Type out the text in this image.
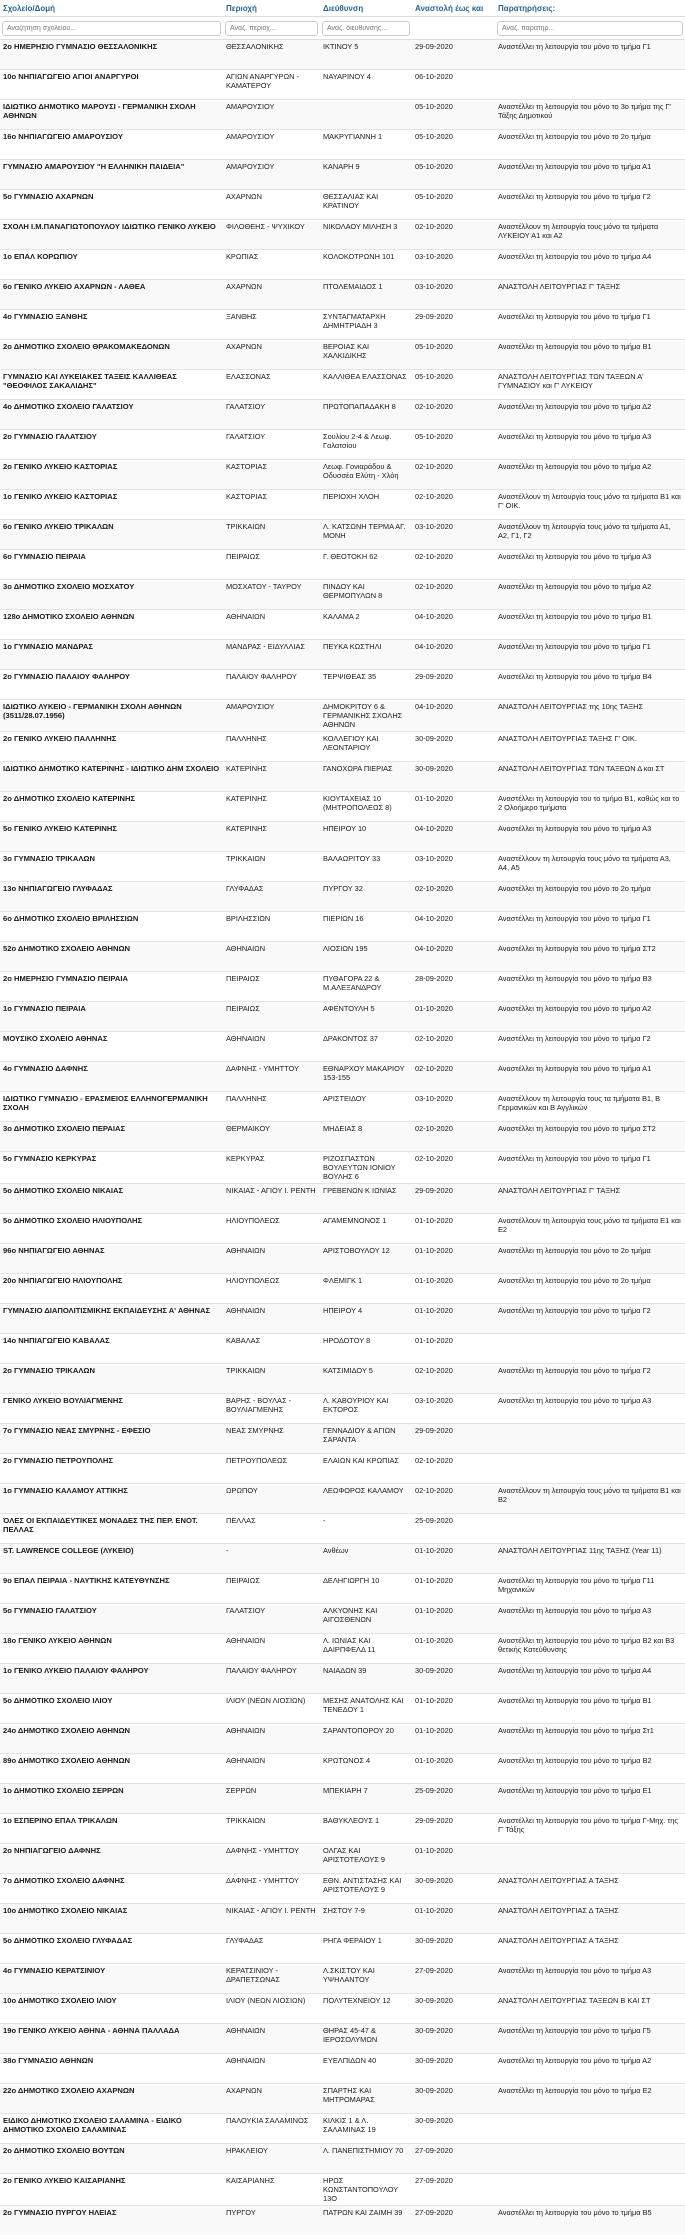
Σχολείο/Δομή	Περιοχή	Διεύθυνση	Αναστολή έως και	Παρατηρήσεις:
Αναζήτηση σχολείου...	Αναζ. περιοχ...	Αναζ. διεύθυνσης...		Αναζ. παρατηρ...
2ο ΗΜΕΡΗΣΙΟ ΓΥΜΝΑΣΙΟ ΘΕΣΣΑΛΟΝΙΚΗΣ	ΘΕΣΣΑΛΟΝΙΚΗΣ	ΙΚΤΙΝΟΥ 5	29-09-2020	Αναστέλλει τη λειτουργία του μόνο το τμήμα Γ1
10ο ΝΗΠΙΑΓΩΓΕΙΟ ΑΓΙΟΙ ΑΝΑΡΓΥΡΟΙ	ΑΓΙΩΝ ΑΝΑΡΓΥΡΩΝ - ΚΑΜΑΤΕΡΟΥ	ΝΑΥΑΡΙΝΟΥ 4	06-10-2020	
ΙΔΙΩΤΙΚΟ ΔΗΜΟΤΙΚΟ ΜΑΡΟΥΣΙ - ΓΕΡΜΑΝΙΚΗ ΣΧΟΛΗ ΑΘΗΝΩΝ	ΑΜΑΡΟΥΣΙΟΥ		05-10-2020	Αναστέλλει τη λειτουργία του μόνο το 3ο τμήμα της Γ' Τάξης Δημοτικού
16ο ΝΗΠΙΑΓΩΓΕΙΟ ΑΜΑΡΟΥΣΙΟΥ	ΑΜΑΡΟΥΣΙΟΥ	ΜΑΚΡΥΓΙΑΝΝΗ 1	05-10-2020	Αναστέλλει τη λειτουργία του μόνο το 2ο τμήμα
ΓΥΜΝΑΣΙΟ ΑΜΑΡΟΥΣΙΟΥ "Η ΕΛΛΗΝΙΚΗ ΠΑΙΔΕΙΑ"	ΑΜΑΡΟΥΣΙΟΥ	ΚΑΝΑΡΗ 9	05-10-2020	Αναστέλλει τη λειτουργία του μόνο το τμήμα Α1
5ο ΓΥΜΝΑΣΙΟ ΑΧΑΡΝΩΝ	ΑΧΑΡΝΩΝ	ΘΕΣΣΑΛΙΑΣ ΚΑΙ ΚΡΑΤΙΝΟΥ	05-10-2020	Αναστέλλει τη λειτουργία του μόνο το τμήμα Γ2
ΣΧΟΛΗ Ι.Μ.ΠΑΝΑΓΙΩΤΟΠΟΥΛΟΥ ΙΔΙΩΤΙΚΟ ΓΕΝΙΚΟ ΛΥΚΕΙΟ	ΦΙΛΟΘΕΗΣ - ΨΥΧΙΚΟΥ	ΝΙΚΟΛΑΟΥ ΜΙΛΗΣΗ 3	02-10-2020	Αναστέλλουν τη λειτουργία τους μόνο τα τμήματα ΛΥΚΕΙΟΥ Α1 και Α2
1ο ΕΠΑΛ ΚΟΡΩΠΙΟΥ	ΚΡΩΠΙΑΣ	ΚΟΛΟΚΟΤΡΩΝΗ 101	03-10-2020	Αναστέλλει τη λειτουργία του μόνο το τμήμα Α4
6ο ΓΕΝΙΚΟ ΛΥΚΕΙΟ ΑΧΑΡΝΩΝ - ΛΑΘΕΑ	ΑΧΑΡΝΩΝ	ΠΤΟΛΕΜΑΙΔΟΣ 1	03-10-2020	ΑΝΑΣΤΟΛΗ ΛΕΙΤΟΥΡΓΙΑΣ Γ' ΤΑΞΗΣ
4ο ΓΥΜΝΑΣΙΟ ΞΑΝΘΗΣ	ΞΑΝΘΗΣ	ΣΥΝΤΑΓΜΑΤΑΡΧΗ ΔΗΜΗΤΡΙΑΔΗ 3	29-09-2020	Αναστέλλει τη λειτουργία του μόνο το τμήμα Γ1
2ο ΔΗΜΟΤΙΚΟ ΣΧΟΛΕΙΟ ΘΡΑΚΟΜΑΚΕΔΟΝΩΝ	ΑΧΑΡΝΩΝ	ΒΕΡΟΙΑΣ ΚΑΙ ΧΑΛΚΙΔΙΚΗΣ	05-10-2020	Αναστέλλει τη λειτουργία του μόνο το τμήμα Β1
ΓΥΜΝΑΣΙΟ ΚΑΙ ΛΥΚΕΙΑΚΕΣ ΤΑΞΕΙΣ ΚΑΛΛΙΘΕΑΣ "ΘΕΟΦΙΛΟΣ ΣΑΚΑΛΙΔΗΣ"	ΕΛΑΣΣΟΝΑΣ	ΚΑΛΛΙΘΕΑ ΕΛΑΣΣΟΝΑΣ	05-10-2020	ΑΝΑΣΤΟΛΗ ΛΕΙΤΟΥΡΓΙΑΣ ΤΩΝ ΤΑΞΕΩΝ Α' ΓΥΜΝΑΣΙΟΥ και Γ' ΛΥΚΕΙΟΥ
4ο ΔΗΜΟΤΙΚΟ ΣΧΟΛΕΙΟ ΓΑΛΑΤΣΙΟΥ	ΓΑΛΑΤΣΙΟΥ	ΠΡΩΤΟΠΑΠΑΔΑΚΗ 8	02-10-2020	Αναστέλλει τη λειτουργία του μόνο το τμήμα Δ2
2ο ΓΥΜΝΑΣΙΟ ΓΑΛΑΤΣΙΟΥ	ΓΑΛΑΤΣΙΟΥ	Σουλίου 2-4 & Λεωφ. Γαλατσίου	05-10-2020	Αναστέλλει τη λειτουργία του μόνο το τμήμα Α3
2ο ΓΕΝΙΚΟ ΛΥΚΕΙΟ ΚΑΣΤΟΡΙΑΣ	ΚΑΣΤΟΡΙΑΣ	Λεωφ. Γονιαράδου & Οδυσσέα Ελύτη - Χλόη	02-10-2020	Αναστέλλει τη λειτουργία του μόνο το τμήμα Α2
1ο ΓΕΝΙΚΟ ΛΥΚΕΙΟ ΚΑΣΤΟΡΙΑΣ	ΚΑΣΤΟΡΙΑΣ	ΠΕΡΙΟΧΗ ΧΛΟΗ	02-10-2020	Αναστέλλουν τη λειτουργία τους μόνο τα τμήματα Β1 και Γ' ΟΙΚ.
6ο ΓΕΝΙΚΟ ΛΥΚΕΙΟ ΤΡΙΚΑΛΩΝ	ΤΡΙΚΚΑΙΩΝ	Λ. ΚΑΤΣΩΝΗ ΤΕΡΜΑ ΑΓ. ΜΟΝΗ	03-10-2020	Αναστέλλουν τη λειτουργία τους μόνο τα τμήματα Α1, Α2, Γ1, Γ2
6ο ΓΥΜΝΑΣΙΟ ΠΕΙΡΑΙΑ	ΠΕΙΡΑΙΩΣ	Γ. ΘΕΟΤΟΚΗ 62	02-10-2020	Αναστέλλει τη λειτουργία του μόνο το τμήμα Α3
3ο ΔΗΜΟΤΙΚΟ ΣΧΟΛΕΙΟ ΜΟΣΧΑΤΟΥ	ΜΟΣΧΑΤΟΥ - ΤΑΥΡΟΥ	ΠΙΝΔΟΥ ΚΑΙ ΘΕΡΜΟΠΥΛΩΝ 8	02-10-2020	Αναστέλλει τη λειτουργία του μόνο το τμήμα Α2
128ο ΔΗΜΟΤΙΚΟ ΣΧΟΛΕΙΟ ΑΘΗΝΩΝ	ΑΘΗΝΑΙΩΝ	ΚΑΛΑΜΑ 2	04-10-2020	Αναστέλλει τη λειτουργία του μόνο το τμήμα Β1
1ο ΓΥΜΝΑΣΙΟ ΜΑΝΔΡΑΣ	ΜΑΝΔΡΑΣ - ΕΙΔΥΛΛΙΑΣ	ΠΕΥΚΑ ΚΩΣΤΗΛΙ	04-10-2020	Αναστέλλει τη λειτουργία του μόνο το τμήμα Γ1
2ο ΓΥΜΝΑΣΙΟ ΠΑΛΑΙΟΥ ΦΑΛΗΡΟΥ	ΠΑΛΑΙΟΥ ΦΑΛΗΡΟΥ	ΤΕΡΨΙΘΕΑΣ 35	29-09-2020	Αναστέλλει τη λειτουργία του μόνο το τμήμα Β4
ΙΔΙΩΤΙΚΟ ΛΥΚΕΙΟ - ΓΕΡΜΑΝΙΚΗ ΣΧΟΛΗ ΑΘΗΝΩΝ (3511/28.07.1956)	ΑΜΑΡΟΥΣΙΟΥ	ΔΗΜΟΚΡΙΤΟΥ 6 & ΓΕΡΜΑΝΙΚΗΣ ΣΧΟΛΗΣ ΑΘΗΝΩΝ	04-10-2020	ΑΝΑΣΤΟΛΗ ΛΕΙΤΟΥΡΓΙΑΣ της 10ης ΤΑΞΗΣ
2ο ΓΕΝΙΚΟ ΛΥΚΕΙΟ ΠΑΛΛΗΝΗΣ	ΠΑΛΛΗΝΗΣ	ΚΟΛΛΕΓΙΟΥ ΚΑΙ ΛΕΟΝΤΑΡΙΟΥ	30-09-2020	ΑΝΑΣΤΟΛΗ ΛΕΙΤΟΥΡΓΙΑΣ ΤΑΞΗΣ Γ' ΟΙΚ.
ΙΔΙΩΤΙΚΟ ΔΗΜΟΤΙΚΟ ΚΑΤΕΡΙΝΗΣ - ΙΔΙΩΤΙΚΟ ΔΗΜ ΣΧΟΛΕΙΟ	ΚΑΤΕΡΙΝΗΣ	ΓΑΝΟΧΩΡΑ ΠΙΕΡΙΑΣ	30-09-2020	ΑΝΑΣΤΟΛΗ ΛΕΙΤΟΥΡΓΙΑΣ ΤΩΝ ΤΑΞΕΩΝ Δ και ΣΤ
2ο ΔΗΜΟΤΙΚΟ ΣΧΟΛΕΙΟ ΚΑΤΕΡΙΝΗΣ	ΚΑΤΕΡΙΝΗΣ	ΚΙΟΥΤΑΧΕΙΑΣ 10 (ΜΗΤΡΟΠΟΛΕΩΣ 8)	01-10-2020	Αναστέλλει τη λειτουργία του το τμήμα Β1, καθώς και το 2 Ολοήμερο τμήματα
5ο ΓΕΝΙΚΟ ΛΥΚΕΙΟ ΚΑΤΕΡΙΝΗΣ	ΚΑΤΕΡΙΝΗΣ	ΗΠΕΙΡΟΥ 10	04-10-2020	Αναστέλλει τη λειτουργία του μόνο το τμήμα Α3
3ο ΓΥΜΝΑΣΙΟ ΤΡΙΚΑΛΩΝ	ΤΡΙΚΚΑΙΩΝ	ΒΑΛΑΩΡΙΤΟΥ 33	03-10-2020	Αναστέλλουν τη λειτουργία τους μόνο τα τμήματα Α3, Α4, Α5
13ο ΝΗΠΙΑΓΩΓΕΙΟ ΓΛΥΦΑΔΑΣ	ΓΛΥΦΑΔΑΣ	ΠΥΡΓΟΥ 32	02-10-2020	Αναστέλλει τη λειτουργία του μόνο το 2ο τμήμα
6ο ΔΗΜΟΤΙΚΟ ΣΧΟΛΕΙΟ ΒΡΙΛΗΣΣΙΩΝ	ΒΡΙΛΗΣΣΙΩΝ	ΠΙΕΡΙΩΝ 16	04-10-2020	Αναστέλλει τη λειτουργία του μόνο το τμήμα Γ1
52ο ΔΗΜΟΤΙΚΟ ΣΧΟΛΕΙΟ ΑΘΗΝΩΝ	ΑΘΗΝΑΙΩΝ	ΛΙΟΣΙΩΝ 195	04-10-2020	Αναστέλλει τη λειτουργία του μόνο το τμήμα ΣΤ2
2ο ΗΜΕΡΗΣΙΟ ΓΥΜΝΑΣΙΟ ΠΕΙΡΑΙΑ	ΠΕΙΡΑΙΩΣ	ΠΥΘΑΓΟΡΑ 22 & Μ.ΑΛΕΞΑΝΔΡΟΥ	28-09-2020	Αναστέλλει τη λειτουργία του μόνο το τμήμα Β3
1ο ΓΥΜΝΑΣΙΟ ΠΕΙΡΑΙΑ	ΠΕΙΡΑΙΩΣ	ΑΦΕΝΤΟΥΛΗ 5	01-10-2020	Αναστέλλει τη λειτουργία του μόνο το τμήμα Α2
ΜΟΥΣΙΚΟ ΣΧΟΛΕΙΟ ΑΘΗΝΑΣ	ΑΘΗΝΑΙΩΝ	ΔΡΑΚΟΝΤΟΣ 37	02-10-2020	Αναστέλλει τη λειτουργία του μόνο το τμήμα Γ2
4ο ΓΥΜΝΑΣΙΟ ΔΑΦΝΗΣ	ΔΑΦΝΗΣ - ΥΜΗΤΤΟΥ	ΕΘΝΑΡΧΟΥ ΜΑΚΑΡΙΟΥ 153-155	02-10-2020	Αναστέλλει τη λειτουργία του μόνο το τμήμα Α1
ΙΔΙΩΤΙΚΟ ΓΥΜΝΑΣΙΟ - ΕΡΑΣΜΕΙΟΣ ΕΛΛΗΝΟΓΕΡΜΑΝΙΚΗ ΣΧΟΛΗ	ΠΑΛΛΗΝΗΣ	ΑΡΙΣΤΕΙΔΟΥ	03-10-2020	Αναστέλλουν τη λειτουργία τους τα τμήματα Β1, Β Γερμανικών και Β Αγγλικών
3ο ΔΗΜΟΤΙΚΟ ΣΧΟΛΕΙΟ ΠΕΡΑΙΑΣ	ΘΕΡΜΑΙΚΟΥ	ΜΗΔΕΙΑΣ 8	02-10-2020	Αναστέλλει τη λειτουργία του μόνο το τμήμα ΣΤ2
5ο ΓΥΜΝΑΣΙΟ ΚΕΡΚΥΡΑΣ	ΚΕΡΚΥΡΑΣ	ΡΙΖΟΣΠΑΣΤΩΝ ΒΟΥΛΕΥΤΩΝ ΙΟΝΙΟΥ ΒΟΥΛΗΣ 6	02-10-2020	Αναστέλλει τη λειτουργία του μόνο το τμήμα Γ1
5ο ΔΗΜΟΤΙΚΟ ΣΧΟΛΕΙΟ ΝΙΚΑΙΑΣ	ΝΙΚΑΙΑΣ - ΑΓΙΟΥ Ι. ΡΕΝΤΗ	ΓΡΕΒΕΝΩΝ Κ ΙΩΝΙΑΣ	29-09-2020	ΑΝΑΣΤΟΛΗ ΛΕΙΤΟΥΡΓΙΑΣ Γ' ΤΑΞΗΣ
5ο ΔΗΜΟΤΙΚΟ ΣΧΟΛΕΙΟ ΗΛΙΟΥΠΟΛΗΣ	ΗΛΙΟΥΠΟΛΕΩΣ	ΑΓΑΜΕΜΝΟΝΟΣ 1	01-10-2020	Αναστέλλουν τη λειτουργία τους μόνο τα τμήματα Ε1 και Ε2
96ο ΝΗΠΙΑΓΩΓΕΙΟ ΑΘΗΝΑΣ	ΑΘΗΝΑΙΩΝ	ΑΡΙΣΤΟΒΟΥΛΟΥ 12	01-10-2020	Αναστέλλει τη λειτουργία του μόνο το 2ο τμήμα
20ο ΝΗΠΙΑΓΩΓΕΙΟ ΗΛΙΟΥΠΟΛΗΣ	ΗΛΙΟΥΠΟΛΕΩΣ	ΦΛΕΜΙΓΚ 1	01-10-2020	Αναστέλλει τη λειτουργία του μόνο το 2ο τμήμα
ΓΥΜΝΑΣΙΟ ΔΙΑΠΟΛΙΤΙΣΜΙΚΗΣ ΕΚΠΑΙΔΕΥΣΗΣ Α' ΑΘΗΝΑΣ	ΑΘΗΝΑΙΩΝ	ΗΠΕΙΡΟΥ 4	01-10-2020	Αναστέλλει τη λειτουργία του μόνο το τμήμα Γ2
14ο ΝΗΠΙΑΓΩΓΕΙΟ ΚΑΒΑΛΑΣ	ΚΑΒΑΛΑΣ	ΗΡΟΔΟΤΟΥ 8	01-10-2020	
2ο ΓΥΜΝΑΣΙΟ ΤΡΙΚΑΛΩΝ	ΤΡΙΚΚΑΙΩΝ	ΚΑΤΣΙΜΙΔΟΥ 5	02-10-2020	Αναστέλλει τη λειτουργία του μόνο το τμήμα Γ2
ΓΕΝΙΚΟ ΛΥΚΕΙΟ ΒΟΥΛΙΑΓΜΕΝΗΣ	ΒΑΡΗΣ - ΒΟΥΛΑΣ - ΒΟΥΛΙΑΓΜΕΝΗΣ	Λ. ΚΑΒΟΥΡΙΟΥ ΚΑΙ ΕΚΤΟΡΟΣ	03-10-2020	Αναστέλλει τη λειτουργία του μόνο το τμήμα Α3
7ο ΓΥΜΝΑΣΙΟ ΝΕΑΣ ΣΜΥΡΝΗΣ - ΕΦΕΣΙΟ	ΝΕΑΣ ΣΜΥΡΝΗΣ	ΓΕΝΝΑΔΙΟΥ & ΑΓΙΩΝ ΣΑΡΑΝΤΑ	29-09-2020	
2ο ΓΥΜΝΑΣΙΟ ΠΕΤΡΟΥΠΟΛΗΣ	ΠΕΤΡΟΥΠΟΛΕΩΣ	ΕΛΑΙΩΝ ΚΑΙ ΚΡΩΠΙΑΣ	02-10-2020	
1ο ΓΥΜΝΑΣΙΟ ΚΑΛΑΜΟΥ ΑΤΤΙΚΗΣ	ΩΡΩΠΟΥ	ΛΕΩΦΟΡΟΣ ΚΑΛΑΜΟΥ	02-10-2020	Αναστέλλουν τη λειτουργία τους μόνο τα τμήματα Β1 και Β2
ΌΛΕΣ ΟΙ ΕΚΠΑΙΔΕΥΤΙΚΕΣ ΜΟΝΑΔΕΣ ΤΗΣ ΠΕΡ. ΕΝΟΤ. ΠΕΛΛΑΣ	ΠΕΛΛΑΣ	-	25-09-2020	
ST. LAWRENCE COLLEGE (ΛΥΚΕΙΟ)	-	Ανθέων	01-10-2020	ΑΝΑΣΤΟΛΗ ΛΕΙΤΟΥΡΓΙΑΣ 11ης ΤΑΞΗΣ (Year 11)
9ο ΕΠΑΛ ΠΕΙΡΑΙΑ - ΝΑΥΤΙΚΗΣ ΚΑΤΕΥΘΥΝΣΗΣ	ΠΕΙΡΑΙΩΣ	ΔΕΛΗΓΙΩΡΓΗ 10	01-10-2020	Αναστέλλει τη λειτουργία του μόνο το τμήμα Γ11 Μηχανικών
5ο ΓΥΜΝΑΣΙΟ ΓΑΛΑΤΣΙΟΥ	ΓΑΛΑΤΣΙΟΥ	ΑΛΚΥΟΝΗΣ ΚΑΙ ΑΙΓΟΣΘΕΝΩΝ	01-10-2020	Αναστέλλει τη λειτουργία του μόνο το τμήμα Α3
18ο ΓΕΝΙΚΟ ΛΥΚΕΙΟ ΑΘΗΝΩΝ	ΑΘΗΝΑΙΩΝ	Λ. ΙΩΝΙΑΣ ΚΑΙ ΔΑΙΡΠΦΕΛΔ 11	01-10-2020	Αναστέλλει τη λειτουργία του μόνο το τμήμα Β2 και Β3 θετικής Κατεύθυνσης
1ο ΓΕΝΙΚΟ ΛΥΚΕΙΟ ΠΑΛΑΙΟΥ ΦΑΛΗΡΟΥ	ΠΑΛΑΙΟΥ ΦΑΛΗΡΟΥ	ΝΑΙΑΔΩΝ 39	30-09-2020	Αναστέλλει τη λειτουργία του μόνο το τμήμα Α4
5ο ΔΗΜΟΤΙΚΟ ΣΧΟΛΕΙΟ ΙΛΙΟΥ	ΙΛΙΟΥ (ΝΕΩΝ ΛΙΟΣΙΩΝ)	ΜΕΣΗΣ ΑΝΑΤΟΛΗΣ ΚΑΙ ΤΕΝΕΔΟΥ 1	01-10-2020	Αναστέλλει τη λειτουργία του μόνο το τμήμα Β1
24ο ΔΗΜΟΤΙΚΟ ΣΧΟΛΕΙΟ ΑΘΗΝΩΝ	ΑΘΗΝΑΙΩΝ	ΣΑΡΑΝΤΟΠΟΡΟΥ 20	01-10-2020	Αναστέλλει τη λειτουργία του μόνο το τμήμα Στ1
89ο ΔΗΜΟΤΙΚΟ ΣΧΟΛΕΙΟ ΑΘΗΝΩΝ	ΑΘΗΝΑΙΩΝ	ΚΡΩΤΩΝΟΣ 4	01-10-2020	Αναστέλλει τη λειτουργία του μόνο το τμήμα Β2
1ο ΔΗΜΟΤΙΚΟ ΣΧΟΛΕΙΟ ΣΕΡΡΩΝ	ΣΕΡΡΩΝ	ΜΠΕΚΙΑΡΗ 7	25-09-2020	Αναστέλλει τη λειτουργία του μόνο το τμήμα Ε1
1ο ΕΣΠΕΡΙΝΟ ΕΠΑΛ ΤΡΙΚΑΛΩΝ	ΤΡΙΚΚΑΙΩΝ	ΒΑΘΥΚΛΕΟΥΣ 1	29-09-2020	Αναστέλλει τη λειτουργία του μόνο το τμήμα Γ-Μηχ. της Γ' Τάξης
2ο ΝΗΠΙΑΓΩΓΕΙΟ ΔΑΦΝΗΣ	ΔΑΦΝΗΣ - ΥΜΗΤΤΟΥ	ΟΛΓΑΣ ΚΑΙ ΑΡΙΣΤΟΤΕΛΟΥΣ 9	01-10-2020	
7ο ΔΗΜΟΤΙΚΟ ΣΧΟΛΕΙΟ ΔΑΦΝΗΣ	ΔΑΦΝΗΣ - ΥΜΗΤΤΟΥ	ΕΘΝ. ΑΝΤΙΣΤΑΣΗΣ ΚΑΙ ΑΡΙΣΤΟΤΕΛΟΥΣ 9	30-09-2020	ΑΝΑΣΤΟΛΗ ΛΕΙΤΟΥΡΓΙΑΣ Α ΤΑΞΗΣ
10ο ΔΗΜΟΤΙΚΟ ΣΧΟΛΕΙΟ ΝΙΚΑΙΑΣ	ΝΙΚΑΙΑΣ - ΑΓΙΟΥ Ι. ΡΕΝΤΗ	ΣΗΣΤΟΥ 7-9	01-10-2020	ΑΝΑΣΤΟΛΗ ΛΕΙΤΟΥΡΓΙΑΣ Δ ΤΑΞΗΣ
5ο ΔΗΜΟΤΙΚΟ ΣΧΟΛΕΙΟ ΓΛΥΦΑΔΑΣ	ΓΛΥΦΑΔΑΣ	ΡΗΓΑ ΦΕΡΑΙΟΥ 1	30-09-2020	ΑΝΑΣΤΟΛΗ ΛΕΙΤΟΥΡΓΙΑΣ Α ΤΑΞΗΣ
4ο ΓΥΜΝΑΣΙΟ ΚΕΡΑΤΣΙΝΙΟΥ	ΚΕΡΑΤΣΙΝΙΟΥ - ΔΡΑΠΕΤΣΩΝΑΣ	Λ.ΣΚΙΣΤΟΥ ΚΑΙ ΥΨΗΛΑΝΤΟΥ	27-09-2020	Αναστέλλει τη λειτουργία του μόνο το τμήμα Α3
10ο ΔΗΜΟΤΙΚΟ ΣΧΟΛΕΙΟ ΙΛΙΟΥ	ΙΛΙΟΥ (ΝΕΩΝ ΛΙΟΣΙΩΝ)	ΠΟΛΥΤΕΧΝΕΙΟΥ 12	30-09-2020	ΑΝΑΣΤΟΛΗ ΛΕΙΤΟΥΡΓΙΑΣ ΤΑΞΕΩΝ Β ΚΑΙ ΣΤ
19ο ΓΕΝΙΚΟ ΛΥΚΕΙΟ ΑΘΗΝΑ - ΑΘΗΝΑ ΠΑΛΛΑΔΑ	ΑΘΗΝΑΙΩΝ	ΘΗΡΑΣ 45-47 & ΙΕΡΟΣΟΛΥΜΩΝ	30-09-2020	Αναστέλλει τη λειτουργία του μόνο το τμήμα Γ5
38ο ΓΥΜΝΑΣΙΟ ΑΘΗΝΩΝ	ΑΘΗΝΑΙΩΝ	ΕΥΕΛΠΙΔΩΝ 40	30-09-2020	Αναστέλλει τη λειτουργία του μόνο το τμήμα Α2
22ο ΔΗΜΟΤΙΚΟ ΣΧΟΛΕΙΟ ΑΧΑΡΝΩΝ	ΑΧΑΡΝΩΝ	ΣΠΑΡΤΗΣ ΚΑΙ ΜΗΤΡΟΜΑΡΑΣ	30-09-2020	Αναστέλλει τη λειτουργία του μόνο το τμήμα Ε2
ΕΙΔΙΚΟ ΔΗΜΟΤΙΚΟ ΣΧΟΛΕΙΟ ΣΑΛΑΜΙΝΑ - ΕΙΔΙΚΟ ΔΗΜΟΤΙΚΟ ΣΧΟΛΕΙΟ ΣΑΛΑΜΙΝΑΣ	ΠΑΛΟΥΚΙΑ ΣΑΛΑΜΙΝΟΣ	ΚΙΛΚΙΣ 1 & Λ. ΣΑΛΑΜΙΝΑΣ 19	30-09-2020	
2ο ΔΗΜΟΤΙΚΟ ΣΧΟΛΕΙΟ ΒΟΥΤΩΝ	ΗΡΑΚΛΕΙΟΥ	Λ. ΠΑΝΕΠΙΣΤΗΜΙΟΥ 70	27-09-2020	
2ο ΓΕΝΙΚΟ ΛΥΚΕΙΟ ΚΑΙΣΑΡΙΑΝΗΣ	ΚΑΙΣΑΡΙΑΝΗΣ	ΗΡΩΣ ΚΩΝΣΤΑΝΤΟΠΟΥΛΟΥ 13Ο	27-09-2020	
2ο ΓΥΜΝΑΣΙΟ ΠΥΡΓΟΥ ΗΛΕΙΑΣ	ΠΥΡΓΟΥ	ΠΑΤΡΩΝ ΚΑΙ ΖΑΙΜΗ 39	27-09-2020	Αναστέλλει τη λειτουργία του μόνο το τμήμα Β5
